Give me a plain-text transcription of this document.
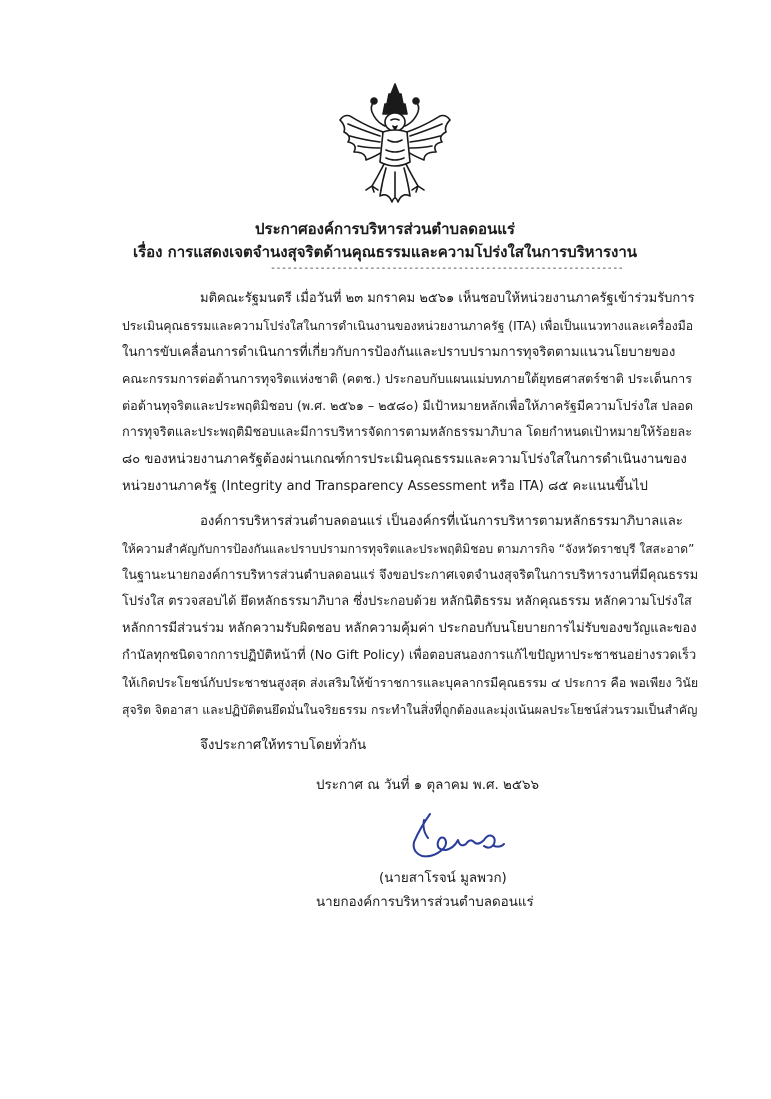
ประกาศองค์การบริหารส่วนตำบลดอนแร่
เรื่อง การแสดงเจตจำนงสุจริตด้านคุณธรรมและความโปร่งใสในการบริหารงาน
----------------------------------------------------------------
มติคณะรัฐมนตรี เมื่อวันที่ ๒๓ มกราคม ๒๕๖๑ เห็นชอบให้หน่วยงานภาครัฐเข้าร่วมรับการ
ประเมินคุณธรรมและความโปร่งใสในการดำเนินงานของหน่วยงานภาครัฐ (ITA) เพื่อเป็นแนวทางและเครื่องมือ
ในการขับเคลื่อนการดำเนินการที่เกี่ยวกับการป้องกันและปราบปรามการทุจริตตามแนวนโยบายของ
คณะกรรมการต่อต้านการทุจริตแห่งชาติ (คตช.) ประกอบกับแผนแม่บทภายใต้ยุทธศาสตร์ชาติ ประเด็นการ
ต่อต้านทุจริตและประพฤติมิชอบ (พ.ศ. ๒๕๖๑ – ๒๕๘๐) มีเป้าหมายหลักเพื่อให้ภาครัฐมีความโปร่งใส ปลอด
การทุจริตและประพฤติมิชอบและมีการบริหารจัดการตามหลักธรรมาภิบาล โดยกำหนดเป้าหมายให้ร้อยละ
๘๐ ของหน่วยงานภาครัฐต้องผ่านเกณฑ์การประเมินคุณธรรมและความโปร่งใสในการดำเนินงานของ
หน่วยงานภาครัฐ (Integrity and Transparency Assessment หรือ ITA) ๘๕ คะแนนขึ้นไป
องค์การบริหารส่วนตำบลดอนแร่ เป็นองค์กรที่เน้นการบริหารตามหลักธรรมาภิบาลและ
ให้ความสำคัญกับการป้องกันและปราบปรามการทุจริตและประพฤติมิชอบ ตามภารกิจ “จังหวัดราชบุรี ใสสะอาด”
ในฐานะนายกองค์การบริหารส่วนตำบลดอนแร่ จึงขอประกาศเจตจำนงสุจริตในการบริหารงานที่มีคุณธรรม
โปร่งใส ตรวจสอบได้ ยึดหลักธรรมาภิบาล ซึ่งประกอบด้วย หลักนิติธรรม หลักคุณธรรม หลักความโปร่งใส
หลักการมีส่วนร่วม หลักความรับผิดชอบ หลักความคุ้มค่า ประกอบกับนโยบายการไม่รับของขวัญและของ
กำนัลทุกชนิดจากการปฏิบัติหน้าที่ (No Gift Policy) เพื่อตอบสนองการแก้ไขปัญหาประชาชนอย่างรวดเร็ว
ให้เกิดประโยชน์กับประชาชนสูงสุด ส่งเสริมให้ข้าราชการและบุคลากรมีคุณธรรม ๔ ประการ คือ พอเพียง วินัย
สุจริต จิตอาสา และปฏิบัติตนยึดมั่นในจริยธรรม กระทำในสิ่งที่ถูกต้องและมุ่งเน้นผลประโยชน์ส่วนรวมเป็นสำคัญ
จึงประกาศให้ทราบโดยทั่วกัน
ประกาศ ณ วันที่ ๑ ตุลาคม พ.ศ. ๒๕๖๖
(นายสาโรจน์ มูลพวก)
นายกองค์การบริหารส่วนตำบลดอนแร่
